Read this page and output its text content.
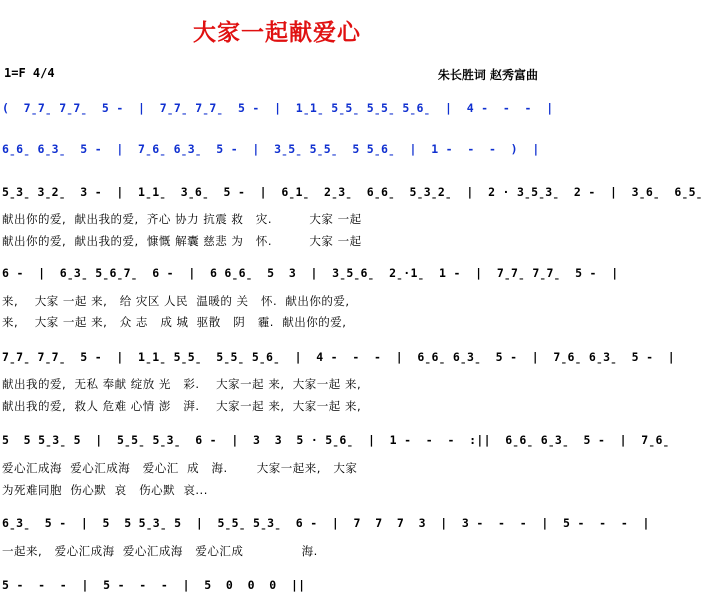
大家一起献爱心
1=F 4/4	朱长胜词 赵秀富曲
(  7̱7̱ 7̱7̱  5 -  |  7̱7̱ 7̱7̱  5 -  |  1̱1̱ 5̱5̱ 5̱5̱ 5̱6̱  |  4 -  -  -  |
6̱6̱ 6̱3̱  5 -  |  7̱6̱ 6̱3̱  5 -  |  3̱5̱ 5̱5̱  5 5̱6̱  |  1 -  -  -  )  |
5̱3̱ 3̱2̱  3 -  |  1̱1̱  3̱6̱  5 -  |  6̱1̱  2̱3̱  6̱6̱  5̱3̱2̱  |  2 · 3̱5̱3̱  2 -  |  3̱6̱  6̱5̱
献出你的爱,  献出我的爱,  齐心 协力 抗震 救   灾.         大家 一起
献出你的爱,  献出我的爱,  慷慨 解囊 慈悲 为   怀.         大家 一起
6 -  |  6̱3̱ 5̱6̱7̱  6 -  |  6 6̱6̱  5  3  |  3̱5̱6̱  2̱·1̱  1 -  |  7̱7̱ 7̱7̱  5 -  |
来,    大家 一起 来,   给 灾区 人民  温暖的 关   怀.  献出你的爱,
来,    大家 一起 来,   众 志   成 城  驱散   阴   霾.  献出你的爱,
7̱7̱ 7̱7̱  5 -  |  1̱1̱ 5̱5̱  5̱5̱ 5̱6̱  |  4 -  -  -  |  6̱6̱ 6̱3̱  5 -  |  7̱6̱ 6̱3̱  5 -  |
献出我的爱,  无私 奉献 绽放 光   彩.    大家一起 来,  大家一起 来,
献出我的爱,  救人 危难 心情 澎   湃.    大家一起 来,  大家一起 来,
5  5 5̱3̱ 5  |  5̱5̱ 5̱3̱  6 -  |  3  3  5 · 5̱6̱  |  1 -  -  -  :||  6̱6̱ 6̱3̱  5 -  |  7̱6̱
爱心汇成海  爱心汇成海   爱心汇  成   海.       大家一起来,   大家
为死难同胞  伤心默  哀   伤心默  哀...
6̱3̱  5 -  |  5  5 5̱3̱ 5  |  5̱5̱ 5̱3̱  6 -  |  7  7  7  3  |  3 -  -  -  |  5 -  -  -  |
一起来,   爱心汇成海  爱心汇成海   爱心汇成              海.
5 -  -  -  |  5 -  -  -  |  5  0  0  0  ||
